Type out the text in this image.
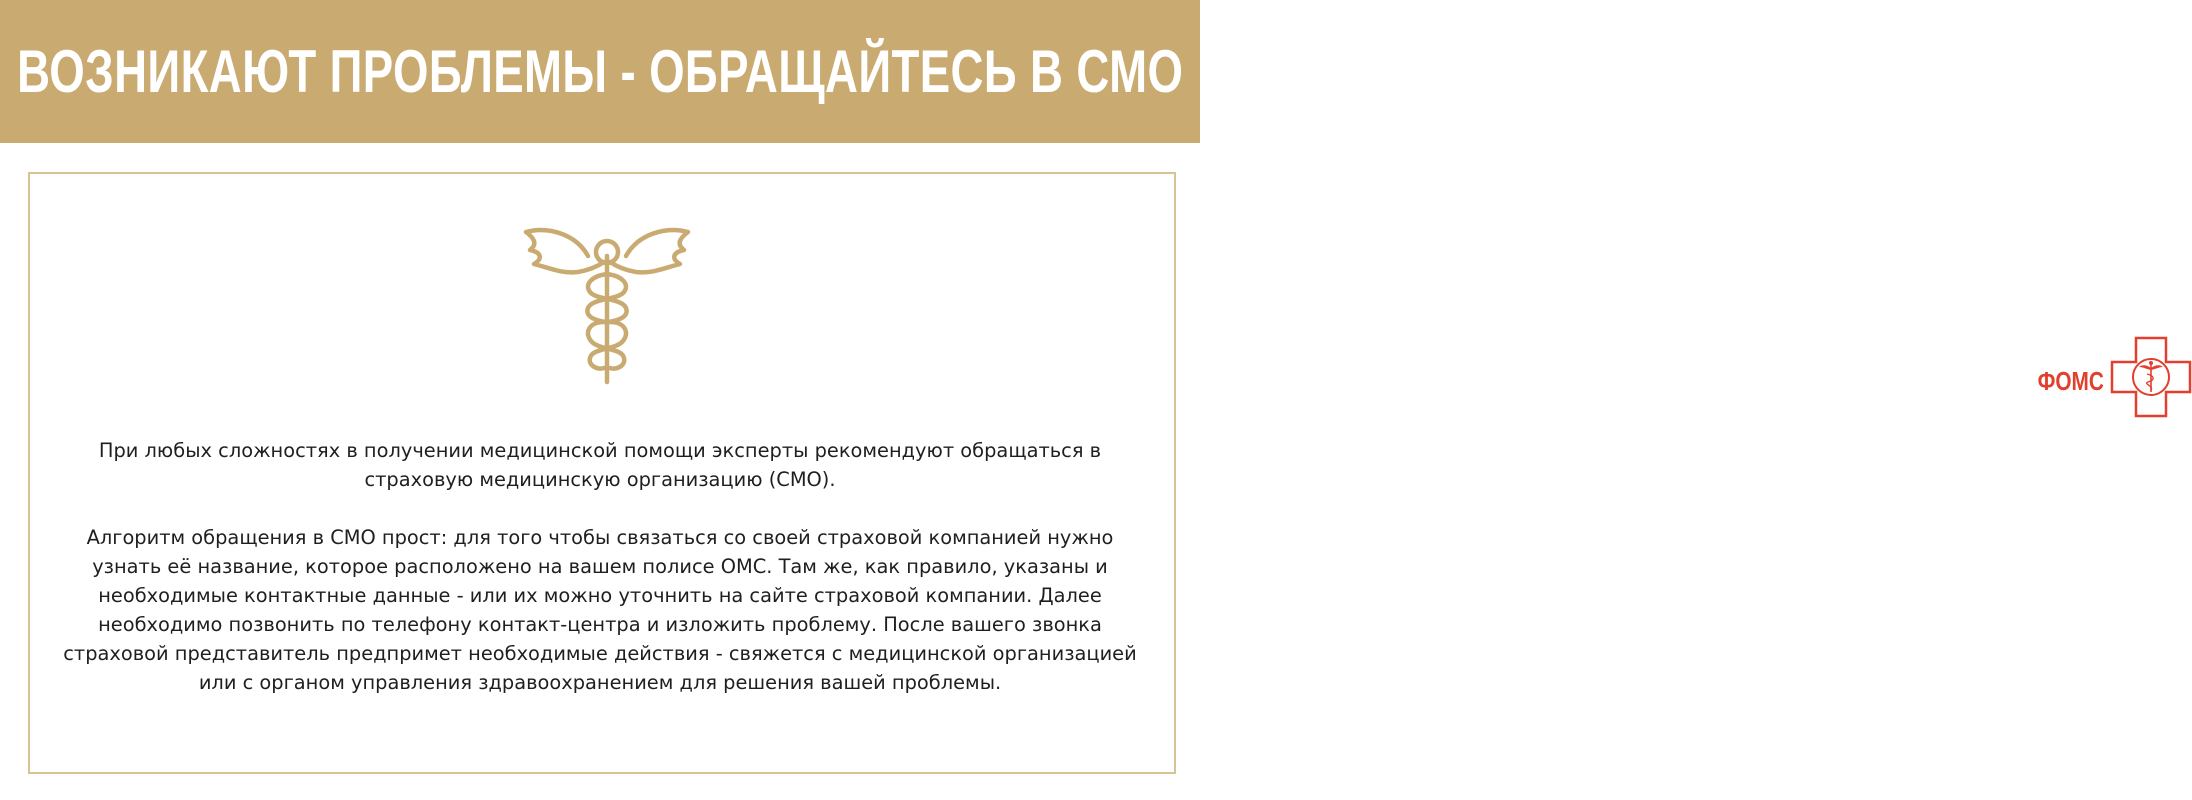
ВОЗНИКАЮТ ПРОБЛЕМЫ - ОБРАЩАЙТЕСЬ В СМО
ФОМС
При любых сложностях в получении медицинской помощи эксперты рекомендуют обращаться в страховую медицинскую организацию (СМО).
Алгоритм обращения в СМО прост: для того чтобы связаться со своей страховой компанией нужно узнать её название, которое расположено на вашем полисе ОМС. Там же, как правило, указаны и необходимые контактные данные - или их можно уточнить на сайте страховой компании. Далее необходимо позвонить по телефону контакт-центра и изложить проблему. После вашего звонка страховой представитель предпримет необходимые действия - свяжется с медицинской организацией или с органом управления здравоохранением для решения вашей проблемы.
